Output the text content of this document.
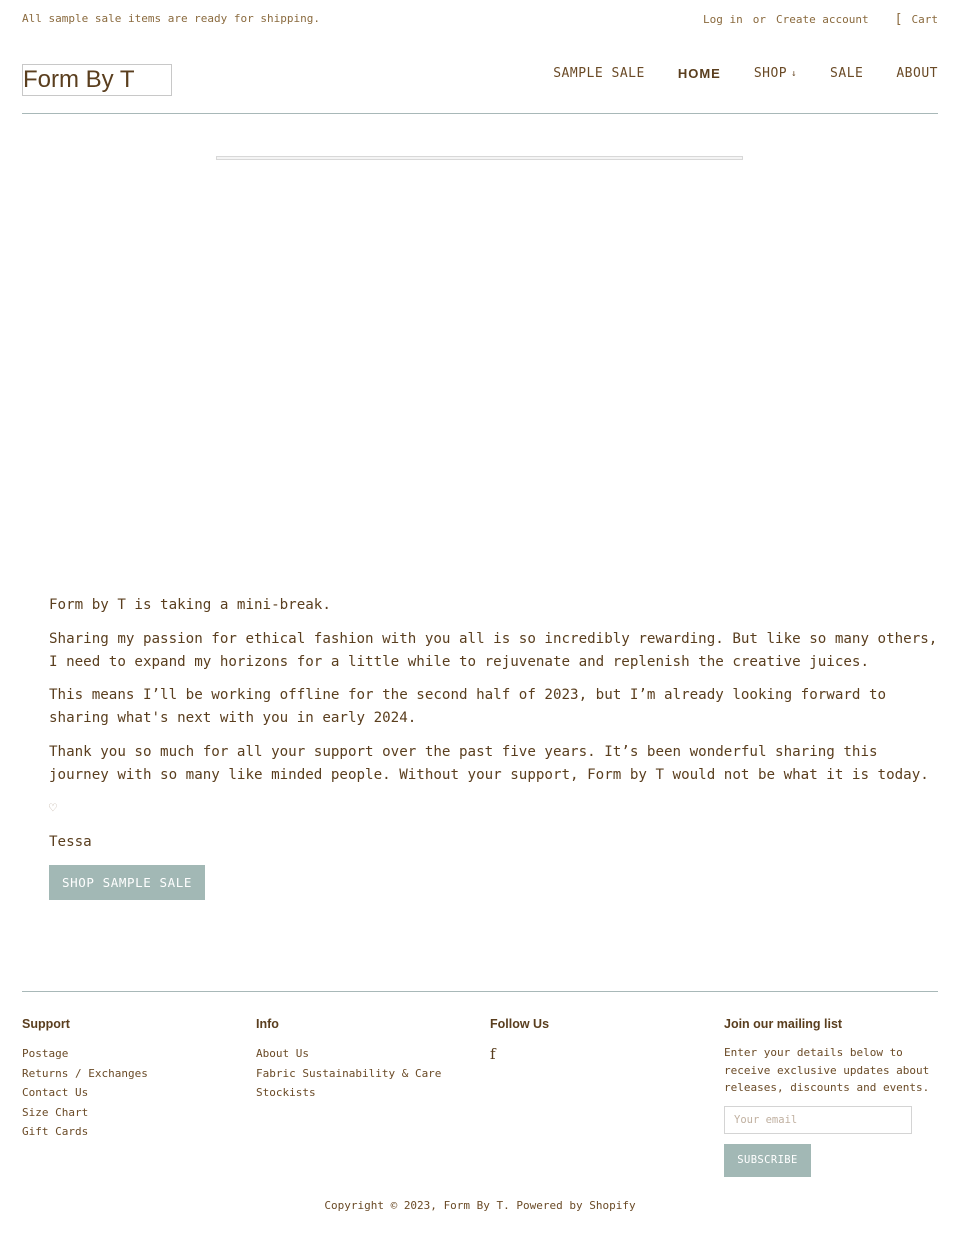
All sample sale items are ready for shipping.	Log in or Create account [ Cart
Form By T	SAMPLE SALE	HOME	SHOP ↓	SALE	ABOUT

Form by T is taking a mini-break.

Sharing my passion for ethical fashion with you all is so incredibly rewarding. But like so many others, I need to expand my horizons for a little while to rejuvenate and replenish the creative juices.

This means I’ll be working offline for the second half of 2023, but I’m already looking forward to sharing what's next with you in early 2024.

Thank you so much for all your support over the past five years. It’s been wonderful sharing this journey with so many like minded people. Without your support, Form by T would not be what it is today.

♡

Tessa

SHOP SAMPLE SALE
Support
Postage
Returns / Exchanges
Contact Us
Size Chart
Gift Cards
Info
About Us
Fabric Sustainability & Care
Stockists
Follow Us
f
Join our mailing list

Enter your details below to receive exclusive updates about releases, discounts and events.

Your email
SUBSCRIBE
Copyright © 2023, Form By T. Powered by Shopify
